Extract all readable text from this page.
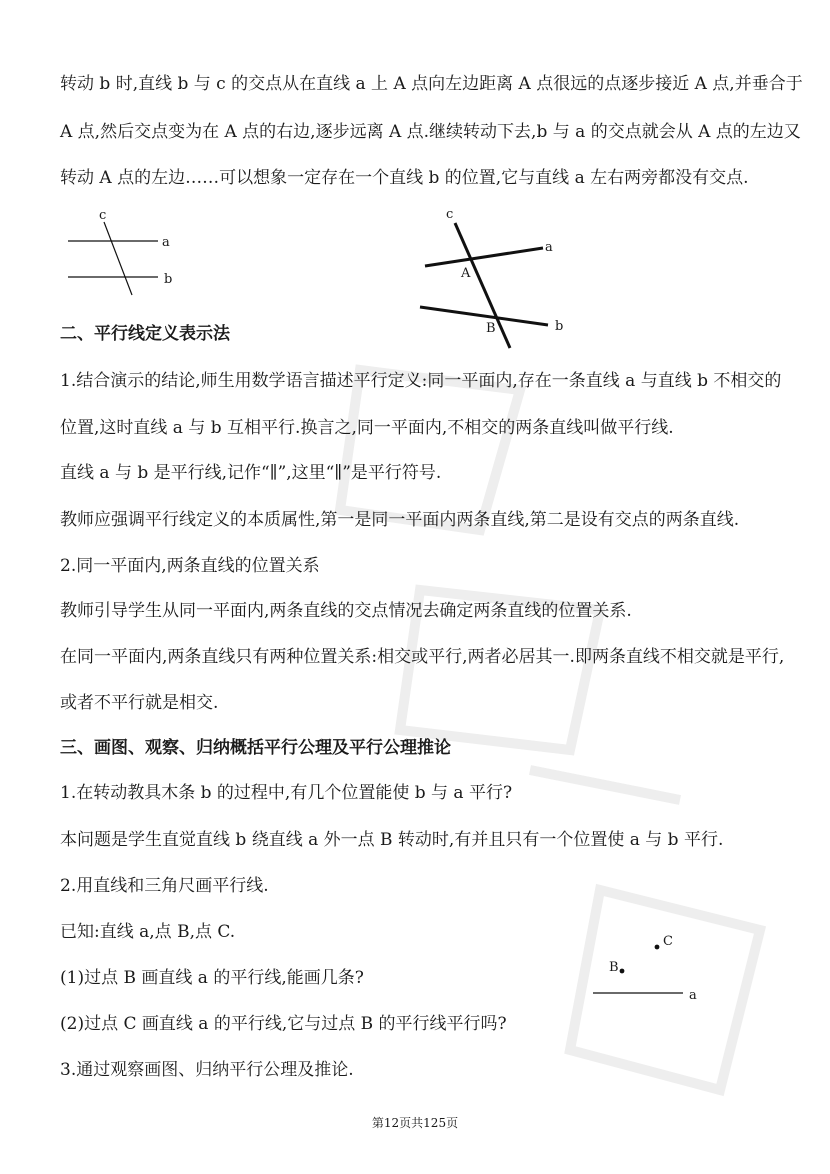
转动 b 时,直线 b 与 c 的交点从在直线 a 上 A 点向左边距离 A 点很远的点逐步接近 A 点,并垂合于

A 点,然后交点变为在 A 点的右边,逐步远离 A 点.继续转动下去,b 与 a 的交点就会从 A 点的左边又

转动 A 点的左边……可以想象一定存在一个直线 b 的位置,它与直线 a 左右两旁都没有交点.

c
a
b
c
a
b
A
B

二、平行线定义表示法

1.结合演示的结论,师生用数学语言描述平行定义:同一平面内,存在一条直线 a 与直线 b 不相交的

位置,这时直线 a 与 b 互相平行.换言之,同一平面内,不相交的两条直线叫做平行线.

直线 a 与 b 是平行线,记作“∥”,这里“∥”是平行符号.

教师应强调平行线定义的本质属性,第一是同一平面内两条直线,第二是设有交点的两条直线.

2.同一平面内,两条直线的位置关系

教师引导学生从同一平面内,两条直线的交点情况去确定两条直线的位置关系.

在同一平面内,两条直线只有两种位置关系:相交或平行,两者必居其一.即两条直线不相交就是平行,

或者不平行就是相交.

三、画图、观察、归纳概括平行公理及平行公理推论

1.在转动教具木条 b 的过程中,有几个位置能使 b 与 a 平行?

本问题是学生直觉直线 b 绕直线 a 外一点 B 转动时,有并且只有一个位置使 a 与 b 平行.

2.用直线和三角尺画平行线.

已知:直线 a,点 B,点 C.

(1)过点 B 画直线 a 的平行线,能画几条?

(2)过点 C 画直线 a 的平行线,它与过点 B 的平行线平行吗?

3.通过观察画图、归纳平行公理及推论.

C
B
a
第12页共125页
